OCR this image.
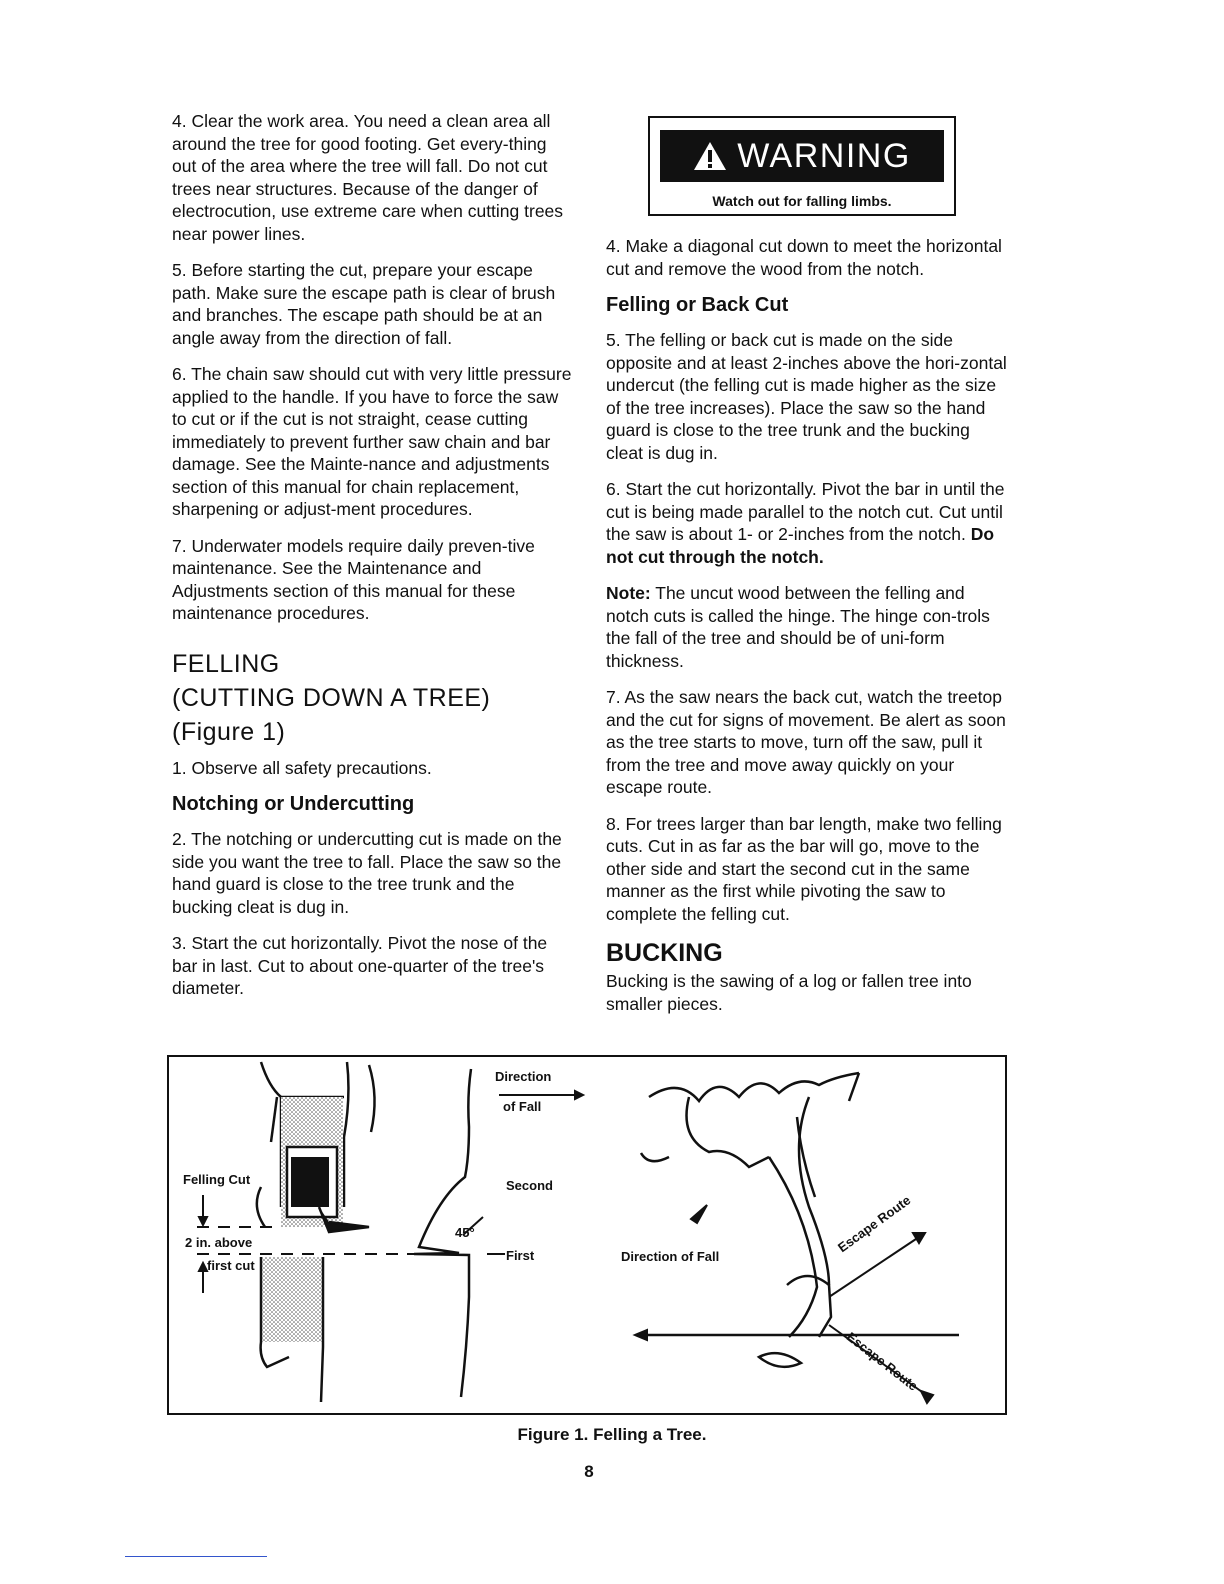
4. Clear the work area. You need a clean area all around the tree for good footing. Get every-thing out of the area where the tree will fall. Do not cut trees near structures. Because of the danger of electrocution, use extreme care when cutting trees near power lines.

5. Before starting the cut, prepare your escape path. Make sure the escape path is clear of brush and branches. The escape path should be at an angle away from the direction of fall.

6. The chain saw should cut with very little pressure applied to the handle. If you have to force the saw to cut or if the cut is not straight, cease cutting immediately to prevent further saw chain and bar damage. See the Mainte-nance and adjustments section of this manual for chain replacement, sharpening or adjust-ment procedures.

7. Underwater models require daily preven-tive maintenance. See the Maintenance and Adjustments section of this manual for these maintenance procedures.

FELLING
(CUTTING DOWN A TREE)
(Figure 1)

1. Observe all safety precautions.

Notching or Undercutting

2. The notching or undercutting cut is made on the side you want the tree to fall. Place the saw so the hand guard is close to the tree trunk and the bucking cleat is dug in.

3. Start the cut horizontally. Pivot the nose of the bar in last. Cut to about one-quarter of the tree's diameter.

WARNING
Watch out for falling limbs.

4. Make a diagonal cut down to meet the horizontal cut and remove the wood from the notch.

Felling or Back Cut

5. The felling or back cut is made on the side opposite and at least 2-inches above the hori-zontal undercut (the felling cut is made higher as the size of the tree increases). Place the saw so the hand guard is close to the tree trunk and the bucking cleat is dug in.

6. Start the cut horizontally. Pivot the bar in until the cut is being made parallel to the notch cut. Cut until the saw is about 1- or 2-inches from the notch. Do not cut through the notch.

Note: The uncut wood between the felling and notch cuts is called the hinge. The hinge con-trols the fall of the tree and should be of uni-form thickness.

7. As the saw nears the back cut, watch the treetop and the cut for signs of movement. Be alert as soon as the tree starts to move, turn off the saw, pull it from the tree and move away quickly on your escape route.

8. For trees larger than bar length, make two felling cuts. Cut in as far as the bar will go, move to the other side and start the second cut in the same manner as the first while pivoting the saw to complete the felling cut.

BUCKING

Bucking is the sawing of a log or fallen tree into smaller pieces.

Felling Cut
2 in. above
first cut
Direction
of Fall
Second
45°
First	Direction of Fall
Escape Route
Escape Route
Figure 1. Felling a Tree.
8
